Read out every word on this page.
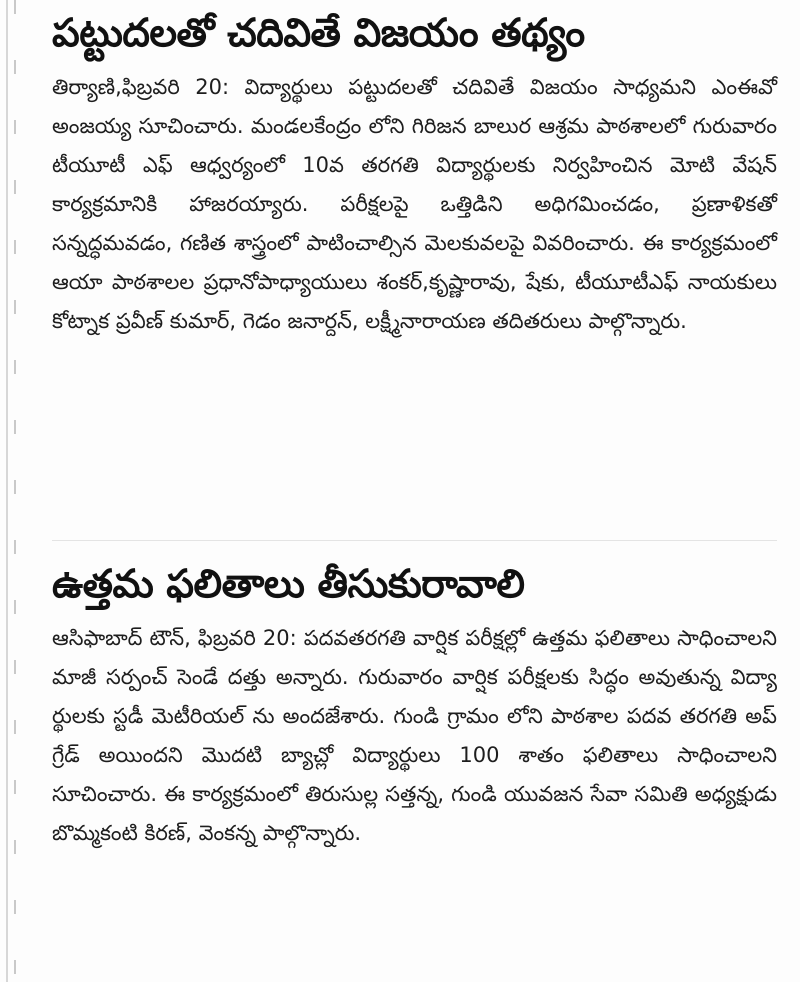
పట్టుదలతో చదివితే విజయం తథ్యం

తిర్యాణి,ఫిబ్రవరి 20: విద్యార్థులు పట్టుదలతో చదివితే విజయం సాధ్యమని ఎంఈవో అంజయ్య సూచించారు. మండలకేంద్రం లోని గిరిజన బాలుర ఆశ్రమ పాఠశాలలో గురువారం టీయూటీ ఎఫ్ ఆధ్వర్యంలో 10వ తరగతి విద్యార్థులకు నిర్వహించిన మోటి వేషన్ కార్యక్రమానికి హాజరయ్యారు. పరీక్షలపై ఒత్తిడిని అధిగమించడం, ప్రణాళికతో సన్నద్ధమవడం, గణిత శాస్త్రంలో పాటించాల్సిన మెలకువలపై వివరించారు. ఈ కార్యక్రమంలో ఆయా పాఠశాలల ప్రధానోపాధ్యాయులు శంకర్,కృష్ణారావు, షేకు, టీయూటీఎఫ్ నాయకులు కోట్నాక ప్రవీణ్ కుమార్, గెడం జనార్దన్, లక్ష్మీనారాయణ తదితరులు పాల్గొన్నారు.

ఉత్తమ ఫలితాలు తీసుకురావాలి

ఆసిఫాబాద్ టౌన్, ఫిబ్రవరి 20: పదవతరగతి వార్షిక పరీక్షల్లో ఉత్తమ ఫలితాలు సాధించాలని మాజీ సర్పంచ్ సెండే దత్తు అన్నారు. గురువారం వార్షిక పరీక్షలకు సిద్ధం అవుతున్న విద్యా ర్థులకు స్టడీ మెటీరియల్ ను అందజేశారు. గుండి గ్రామం లోని పాఠశాల పదవ తరగతి అప్ గ్రేడ్ అయిందని మొదటి బ్యాచ్లో విద్యార్థులు 100 శాతం ఫలితాలు సాధించాలని సూచించారు. ఈ కార్యక్రమంలో తిరుసుల్ల సత్తన్న, గుండి యువజన సేవా సమితి అధ్యక్షుడు బొమ్మకంటి కిరణ్, వెంకన్న పాల్గొన్నారు.
